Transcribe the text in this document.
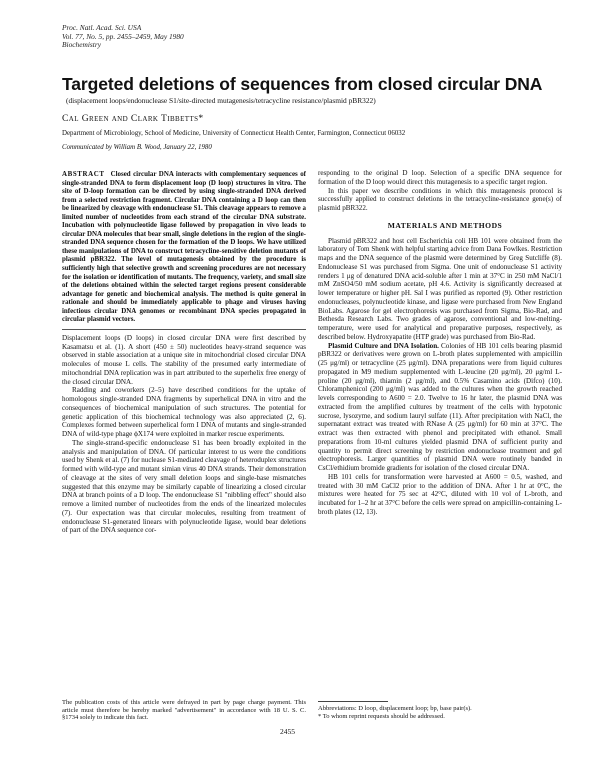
Proc. Natl. Acad. Sci. USA
Vol. 77, No. 5, pp. 2455–2459, May 1980
Biochemistry
Targeted deletions of sequences from closed circular DNA
(displacement loops/endonuclease S1/site-directed mutagenesis/tetracycline resistance/plasmid pBR322)
Cal Green and Clark Tibbetts*
Department of Microbiology, School of Medicine, University of Connecticut Health Center, Farmington, Connecticut 06032
Communicated by William B. Wood, January 22, 1980

ABSTRACT Closed circular DNA interacts with complementary sequences of single-stranded DNA to form displacement loop (D loop) structures in vitro. The site of D-loop formation can be directed by using single-stranded DNA derived from a selected restriction fragment. Circular DNA containing a D loop can then be linearized by cleavage with endonuclease S1. This cleavage appears to remove a limited number of nucleotides from each strand of the circular DNA substrate. Incubation with polynucleotide ligase followed by propagation in vivo leads to circular DNA molecules that bear small, single deletions in the region of the single-stranded DNA sequence chosen for the formation of the D loops. We have utilized these manipulations of DNA to construct tetracycline-sensitive deletion mutants of plasmid pBR322. The level of mutagenesis obtained by the procedure is sufficiently high that selective growth and screening procedures are not necessary for the isolation or identification of mutants. The frequency, variety, and small size of the deletions obtained within the selected target regions present considerable advantage for genetic and biochemical analysis. The method is quite general in rationale and should be immediately applicable to phage and viruses having infectious circular DNA genomes or recombinant DNA species propagated in circular plasmid vectors.

Displacement loops (D loops) in closed circular DNA were first described by Kasamatsu et al. (1). A short (450 ± 50) nucleotides heavy-strand sequence was observed in stable association at a unique site in mitochondrial closed circular DNA molecules of mouse L cells. The stability of the presumed early intermediate of mitochondrial DNA replication was in part attributed to the superhelix free energy of the closed circular DNA.

Radding and coworkers (2–5) have described conditions for the uptake of homologous single-stranded DNA fragments by superhelical DNA in vitro and the consequences of biochemical manipulation of such structures. The potential for genetic application of this biochemical technology was also appreciated (2, 6). Complexes formed between superhelical form I DNA of mutants and single-stranded DNA of wild-type phage ϕX174 were exploited in marker rescue experiments.

The single-strand-specific endonuclease S1 has been broadly exploited in the analysis and manipulation of DNA. Of particular interest to us were the conditions used by Shenk et al. (7) for nuclease S1-mediated cleavage of heteroduplex structures formed with wild-type and mutant simian virus 40 DNA strands. Their demonstration of cleavage at the sites of very small deletion loops and single-base mismatches suggested that this enzyme may be similarly capable of linearizing a closed circular DNA at branch points of a D loop. The endonuclease S1 "nibbling effect" should also remove a limited number of nucleotides from the ends of the linearized molecules (7). Our expectation was that circular molecules, resulting from treatment of endonuclease S1-generated linears with polynucleotide ligase, would bear deletions of part of the DNA sequence cor-

The publication costs of this article were defrayed in part by page charge payment. This article must therefore be hereby marked "advertisement" in accordance with 18 U. S. C. §1734 solely to indicate this fact.

responding to the original D loop. Selection of a specific DNA sequence for formation of the D loop would direct this mutagenesis to a specific target region.

In this paper we describe conditions in which this mutagenesis protocol is successfully applied to construct deletions in the tetracycline-resistance gene(s) of plasmid pBR322.

MATERIALS AND METHODS

Plasmid pBR322 and host cell Escherichia coli HB 101 were obtained from the laboratory of Tom Shenk with helpful starting advice from Dana Fowlkes. Restriction maps and the DNA sequence of the plasmid were determined by Greg Sutcliffe (8). Endonuclease S1 was purchased from Sigma. One unit of endonuclease S1 activity renders 1 μg of denatured DNA acid-soluble after 1 min at 37°C in 250 mM NaCl/1 mM ZnSO4/50 mM sodium acetate, pH 4.6. Activity is significantly decreased at lower temperature or higher pH. Sal I was purified as reported (9). Other restriction endonucleases, polynucleotide kinase, and ligase were purchased from New England BioLabs. Agarose for gel electrophoresis was purchased from Sigma, Bio-Rad, and Bethesda Research Labs. Two grades of agarose, conventional and low-melting-temperature, were used for analytical and preparative purposes, respectively, as described below. Hydroxyapatite (HTP grade) was purchased from Bio-Rad.

Plasmid Culture and DNA Isolation. Colonies of HB 101 cells bearing plasmid pBR322 or derivatives were grown on L-broth plates supplemented with ampicillin (25 μg/ml) or tetracycline (25 μg/ml). DNA preparations were from liquid cultures propagated in M9 medium supplemented with L-leucine (20 μg/ml), 20 μg/ml L-proline (20 μg/ml), thiamin (2 μg/ml), and 0.5% Casamino acids (Difco) (10). Chloramphenicol (200 μg/ml) was added to the cultures when the growth reached levels corresponding to A600 = 2.0. Twelve to 16 hr later, the plasmid DNA was extracted from the amplified cultures by treatment of the cells with hypotonic sucrose, lysozyme, and sodium lauryl sulfate (11). After precipitation with NaCl, the supernatant extract was treated with RNase A (25 μg/ml) for 60 min at 37°C. The extract was then extracted with phenol and precipitated with ethanol. Small preparations from 10-ml cultures yielded plasmid DNA of sufficient purity and quantity to permit direct screening by restriction endonuclease treatment and gel electrophoresis. Larger quantities of plasmid DNA were routinely banded in CsCl/ethidium bromide gradients for isolation of the closed circular DNA.

HB 101 cells for transformation were harvested at A600 = 0.5, washed, and treated with 30 mM CaCl2 prior to the addition of DNA. After 1 hr at 0°C, the mixtures were heated for 75 sec at 42°C, diluted with 10 vol of L-broth, and incubated for 1–2 hr at 37°C before the cells were spread on ampicillin-containing L-broth plates (12, 13).

Abbreviations: D loop, displacement loop; bp, base pair(s).
* To whom reprint requests should be addressed.
2455
